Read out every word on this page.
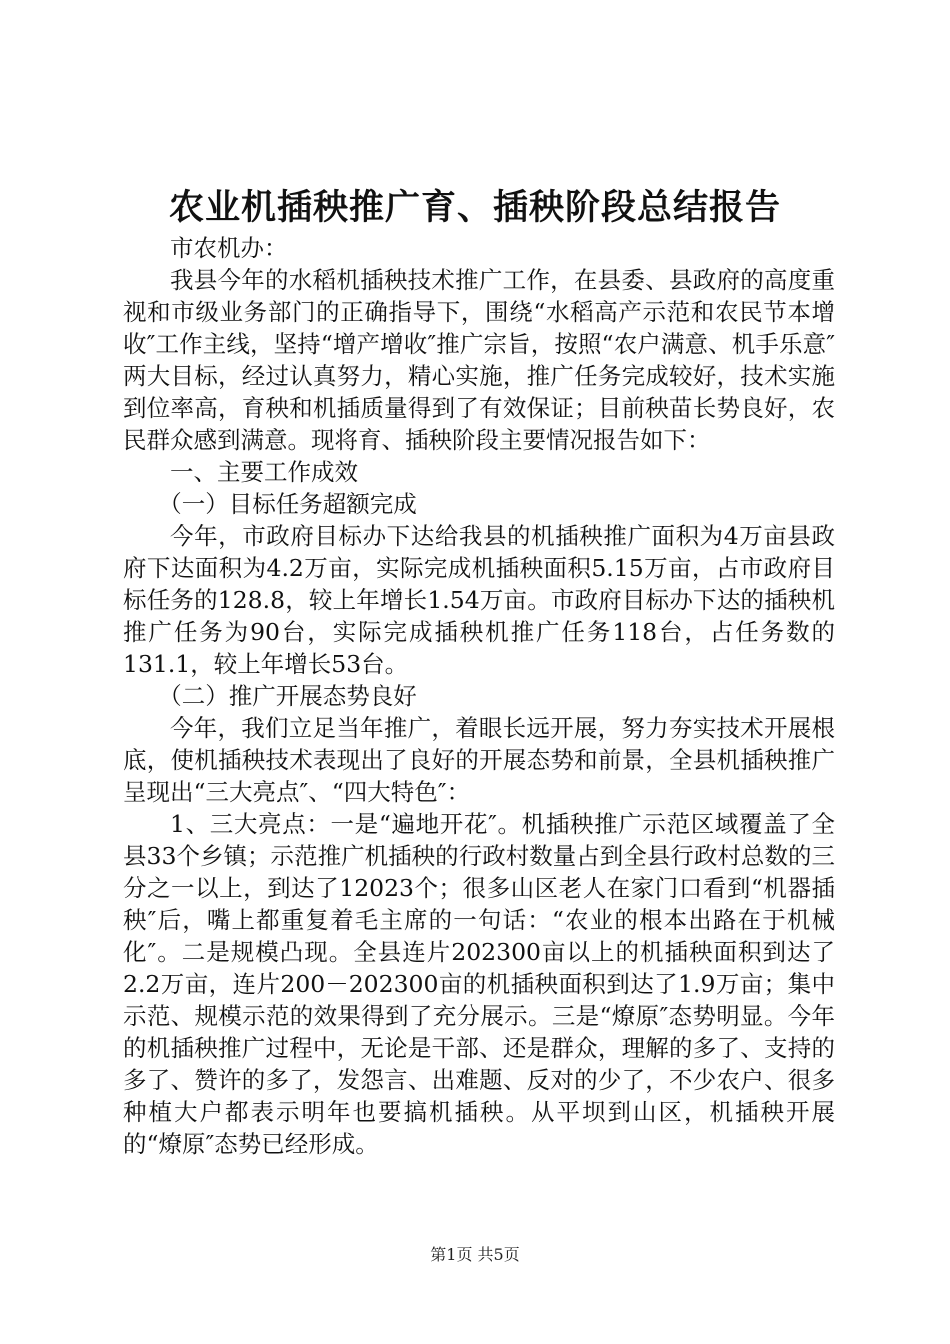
农业机插秧推广育、插秧阶段总结报告

市农机办：

我县今年的水稻机插秧技术推广工作，在县委、县政府的高度重视和市级业务部门的正确指导下，围绕“水稻高产示范和农民节本增收″工作主线，坚持“增产增收″推广宗旨，按照“农户满意、机手乐意″两大目标，经过认真努力，精心实施，推广任务完成较好，技术实施到位率高，育秧和机插质量得到了有效保证；目前秧苗长势良好，农民群众感到满意。现将育、插秧阶段主要情况报告如下：

一、主要工作成效

（一）目标任务超额完成

今年，市政府目标办下达给我县的机插秧推广面积为4万亩县政府下达面积为4.2万亩，实际完成机插秧面积5.15万亩，占市政府目标任务的128.8，较上年增长1.54万亩。市政府目标办下达的插秧机推广任务为90台，实际完成插秧机推广任务118台，占任务数的131.1，较上年增长53台。

（二）推广开展态势良好

今年，我们立足当年推广，着眼长远开展，努力夯实技术开展根底，使机插秧技术表现出了良好的开展态势和前景，全县机插秧推广呈现出“三大亮点″、“四大特色″：

1、三大亮点：一是“遍地开花″。机插秧推广示范区域覆盖了全县33个乡镇；示范推广机插秧的行政村数量占到全县行政村总数的三分之一以上，到达了12023个；很多山区老人在家门口看到“机器插秧″后，嘴上都重复着毛主席的一句话：“农业的根本出路在于机械化″。二是规模凸现。全县连片202300亩以上的机插秧面积到达了2.2万亩，连片200－202300亩的机插秧面积到达了1.9万亩；集中示范、规模示范的效果得到了充分展示。三是“燎原″态势明显。今年的机插秧推广过程中，无论是干部、还是群众，理解的多了、支持的多了、赞许的多了，发怨言、出难题、反对的少了，不少农户、很多种植大户都表示明年也要搞机插秧。从平坝到山区，机插秧开展的“燎原″态势已经形成。

第1页 共5页
